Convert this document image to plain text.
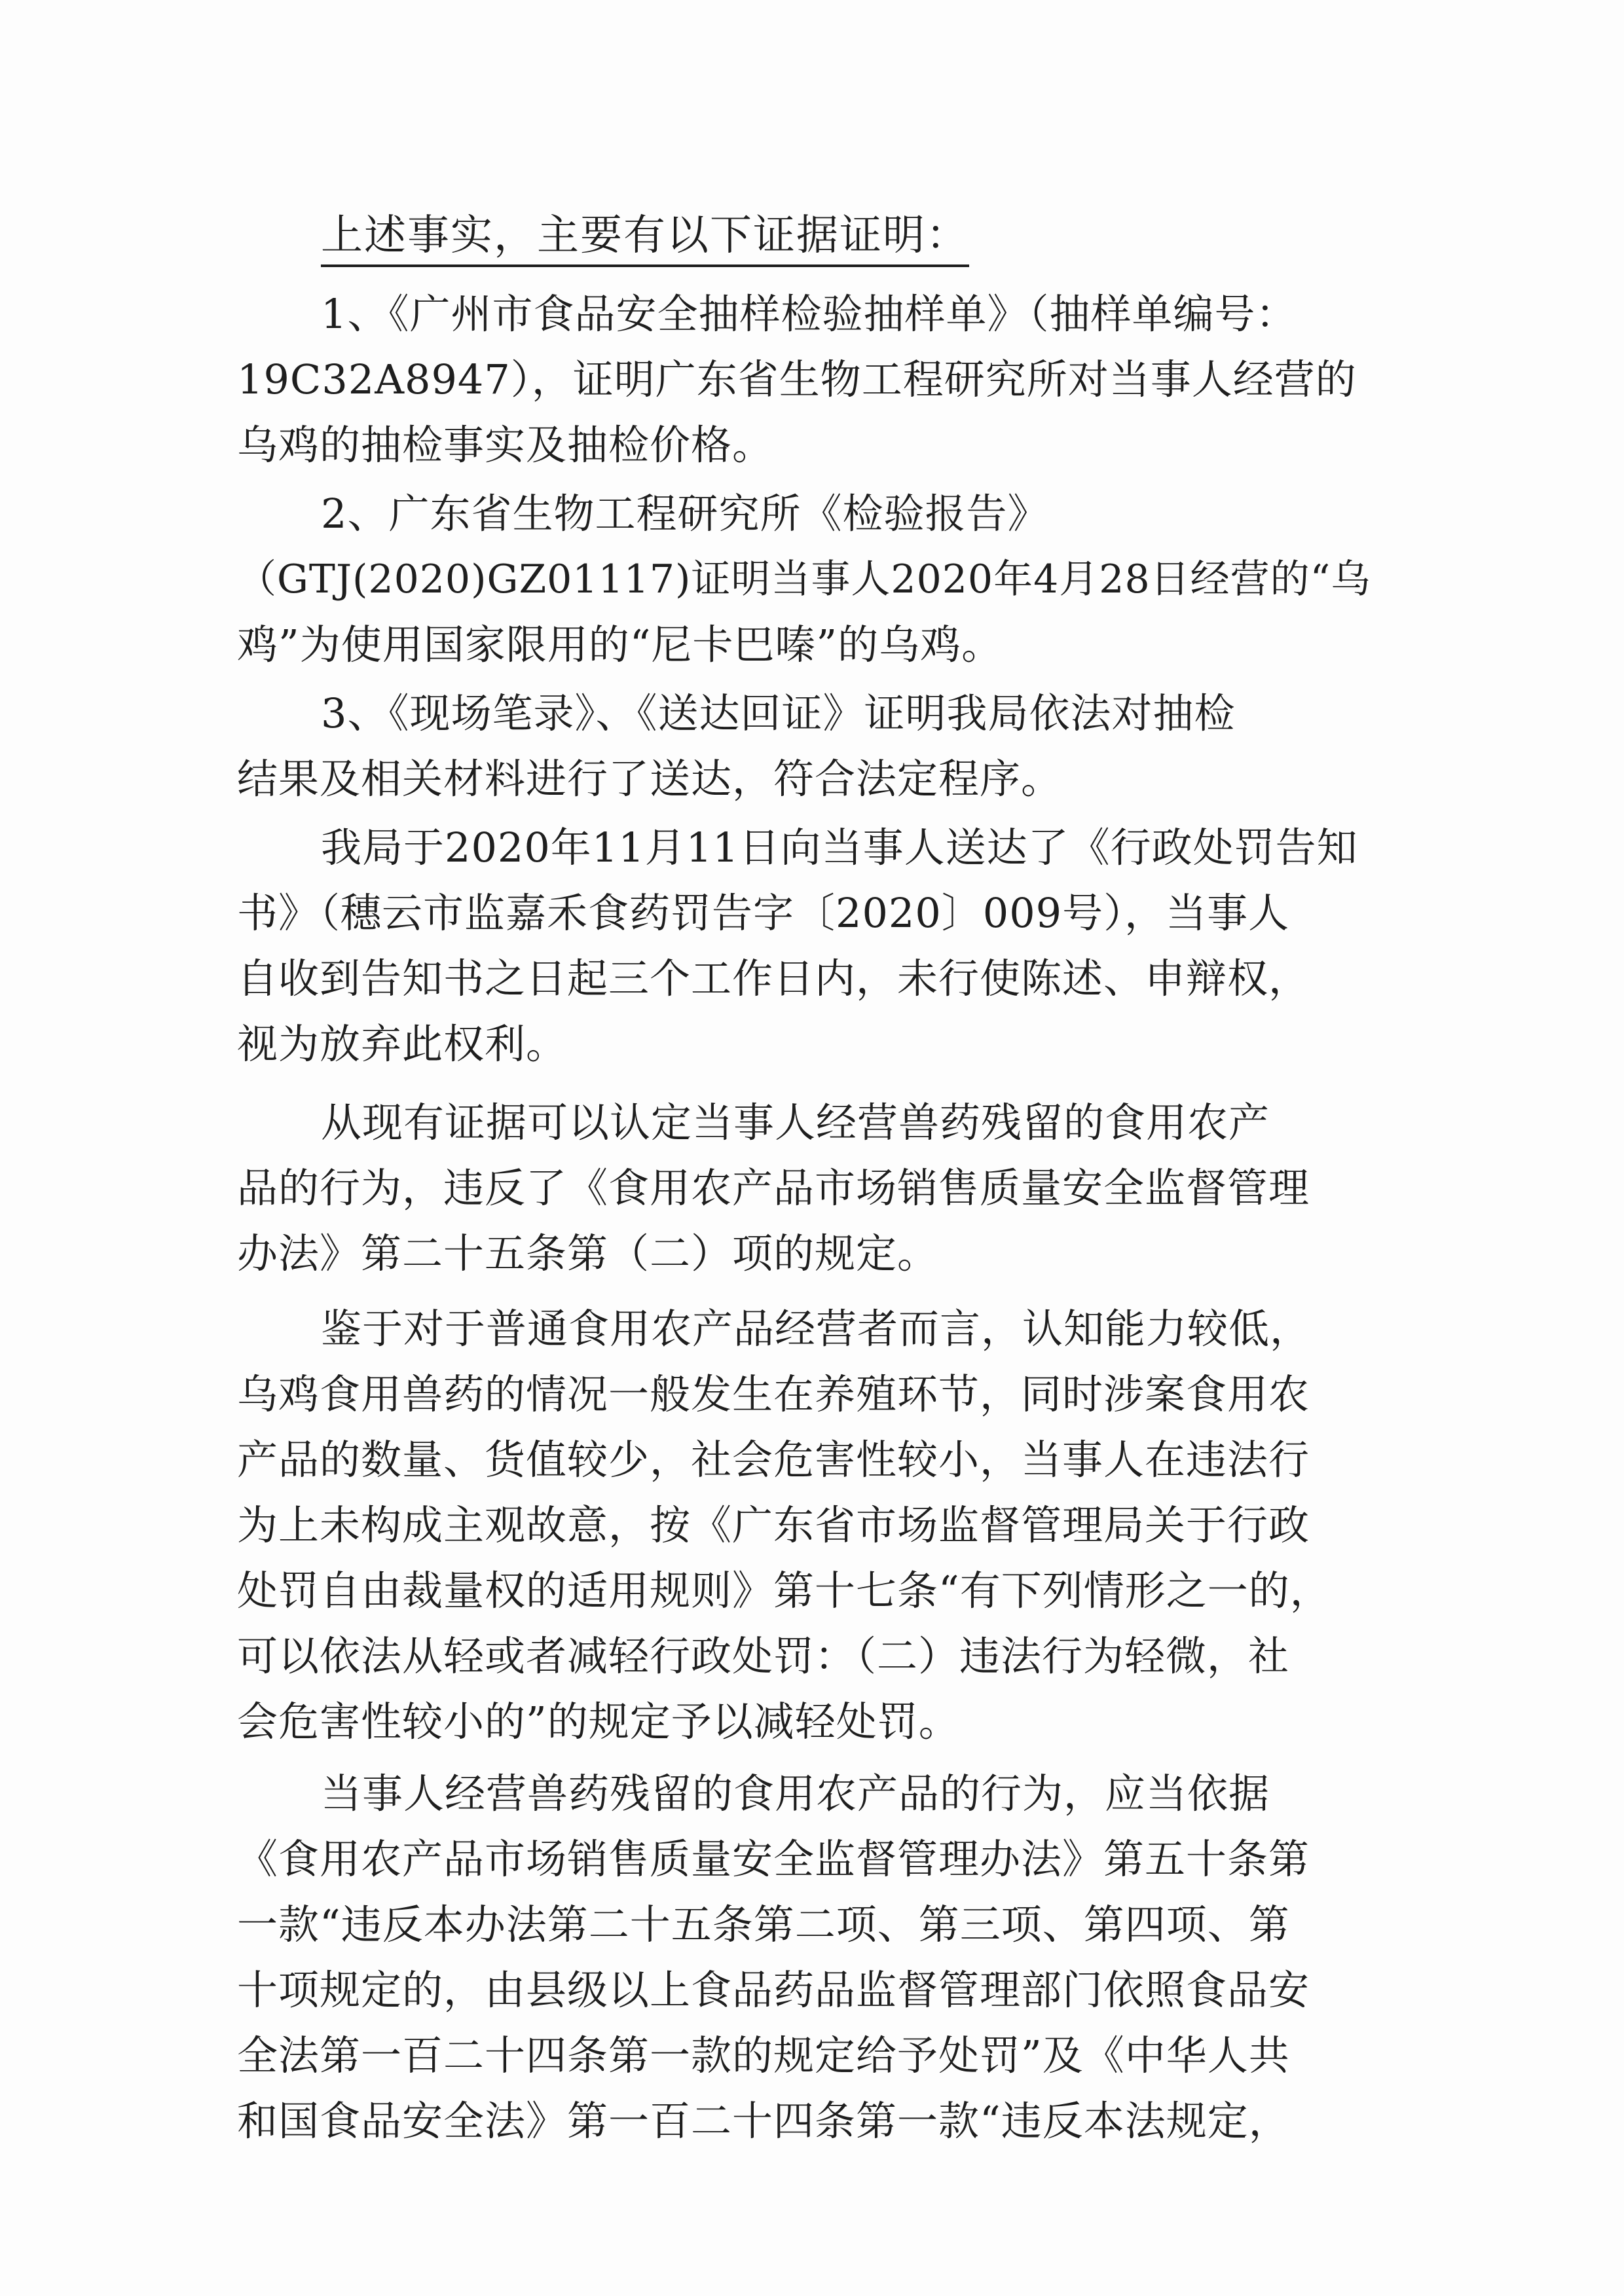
上述事实，主要有以下证据证明：
1、《广州市食品安全抽样检验抽样单》（抽样单编号：
19C32A8947），证明广东省生物工程研究所对当事人经营的
乌鸡的抽检事实及抽检价格。
2、广东省生物工程研究所《检验报告》
（GTJ(2020)GZ01117)证明当事人2020年4月28日经营的“乌
鸡”为使用国家限用的“尼卡巴嗪”的乌鸡。
3、《现场笔录》、《送达回证》证明我局依法对抽检
结果及相关材料进行了送达，符合法定程序。
我局于2020年11月11日向当事人送达了《行政处罚告知
书》（穗云市监嘉禾食药罚告字〔2020〕009号），当事人
自收到告知书之日起三个工作日内，未行使陈述、申辩权，
视为放弃此权利。
从现有证据可以认定当事人经营兽药残留的食用农产
品的行为，违反了《食用农产品市场销售质量安全监督管理
办法》第二十五条第（二）项的规定。
鉴于对于普通食用农产品经营者而言，认知能力较低，
乌鸡食用兽药的情况一般发生在养殖环节，同时涉案食用农
产品的数量、货值较少，社会危害性较小，当事人在违法行
为上未构成主观故意，按《广东省市场监督管理局关于行政
处罚自由裁量权的适用规则》第十七条“有下列情形之一的，
可以依法从轻或者减轻行政处罚：（二）违法行为轻微，社
会危害性较小的”的规定予以减轻处罚。
当事人经营兽药残留的食用农产品的行为，应当依据
《食用农产品市场销售质量安全监督管理办法》第五十条第
一款“违反本办法第二十五条第二项、第三项、第四项、第
十项规定的，由县级以上食品药品监督管理部门依照食品安
全法第一百二十四条第一款的规定给予处罚”及《中华人共
和国食品安全法》第一百二十四条第一款“违反本法规定，
